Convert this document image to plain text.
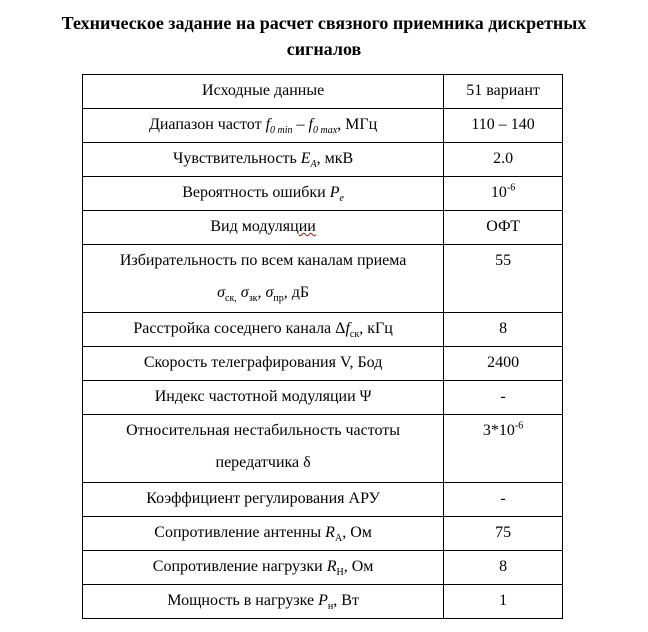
Техническое задание на расчет связного приемника дискретных
сигналов
Исходные данные	51 вариант
Диапазон частот $f_{0 min} - f_{0 max}$, МГц	110 – 140
Чувствительность $E_A$, мкВ	2.0
Вероятность ошибки $P_e$	$10^{-6}$
Вид модуляции	ОФТ

Избирательность по всем каналам приема
$\sigma_{ск,}$ $\sigma_{зк}$, $\sigma_{пр}$, дБ	55
Расстройка соседнего канала $\Delta f_{ск}$, кГц	8
Скорость телеграфирования V, Бод	2400
Индекс частотной модуляции Ψ	-

Относительная нестабильность частоты
передатчика δ	$3*10^{-6}$
Коэффициент регулирования АРУ	-
Сопротивление антенны $R_A$, Ом	75
Сопротивление нагрузки $R_Н$, Ом	8
Мощность в нагрузке $P_н$, Вт	1
